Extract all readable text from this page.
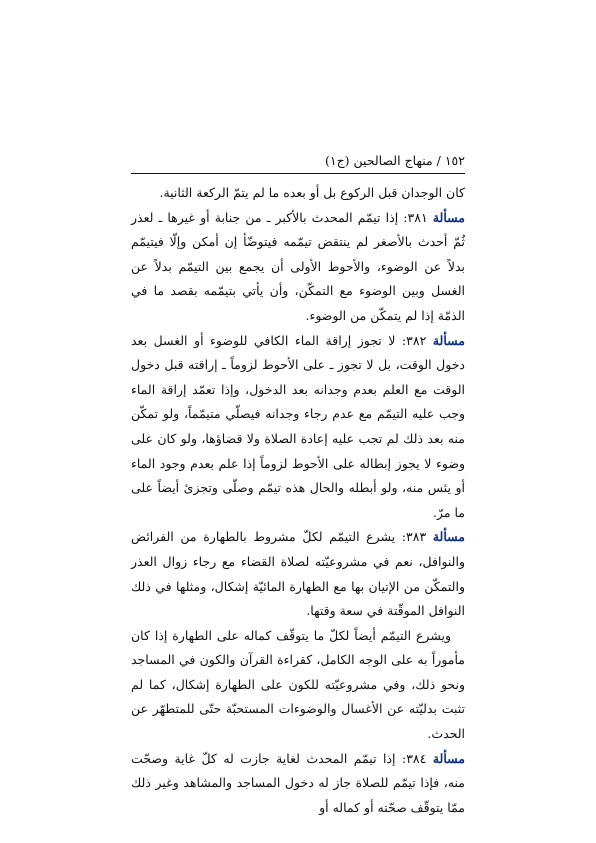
١٥٢ / منهاج الصالحين (ج١)

كان الوجدان قبل الركوع بل أو بعده ما لم يتمّ الركعة الثانية.

مسألة ٣٨١: إذا تيمّم المحدث بالأكبر ـ من جنابة أو غيرها ـ لعذر ثُمّ أحدث بالأصغر لم ينتقض تيمّمه فيتوضّأ إن أمكن وإلّا فيتيمّم بدلاً عن الوضوء، والأحوط الأولى أن يجمع بين التيمّم بدلاً عن الغسل وبين الوضوء مع التمكّن، وأن يأتي بتيمّمه بقصد ما في الذمّة إذا لم يتمكّن من الوضوء.

مسألة ٣٨٢: لا تجوز إراقة الماء الكافي للوضوء أو الغسل بعد دخول الوقت، بل لا تجوز ـ على الأحوط لزوماً ـ إراقته قبل دخول الوقت مع العلم بعدم وجدانه بعد الدخول، وإذا تعمّد إراقة الماء وجب عليه التيمّم مع عدم رجاء وجدانه فيصلّي متيمّماً، ولو تمكّن منه بعد ذلك لم تجب عليه إعادة الصلاة ولا قضاؤها، ولو كان على وضوء لا يجوز إبطاله على الأحوط لزوماً إذا علم بعدم وجود الماء أو يئس منه، ولو أبطله والحال هذه تيمّم وصلّى وتجزئ أيضاً على ما مرّ.

مسألة ٣٨٣: يشرع التيمّم لكلّ مشروط بالطهارة من الفرائض والنوافل، نعم في مشروعيّته لصلاة القضاء مع رجاء زوال العذر والتمكّن من الإتيان بها مع الطهارة المائيّة إشكال، ومثلها في ذلك النوافل الموقّتة في سعة وقتها.

ويشرع التيمّم أيضاً لكلّ ما يتوقّف كماله على الطهارة إذا كان مأموراً به على الوجه الكامل، كقراءة القرآن والكون في المساجد ونحو ذلك، وفي مشروعيّته للكون على الطهارة إشكال، كما لم تثبت بدليّته عن الأغسال والوضوءات المستحبّة حتّى للمتطهّر عن الحدث.

مسألة ٣٨٤: إذا تيمّم المحدث لغاية جازت له كلّ غاية وصحّت منه، فإذا تيمّم للصلاة جاز له دخول المساجد والمشاهد وغير ذلك ممّا يتوقّف صحّته أو كماله أو
